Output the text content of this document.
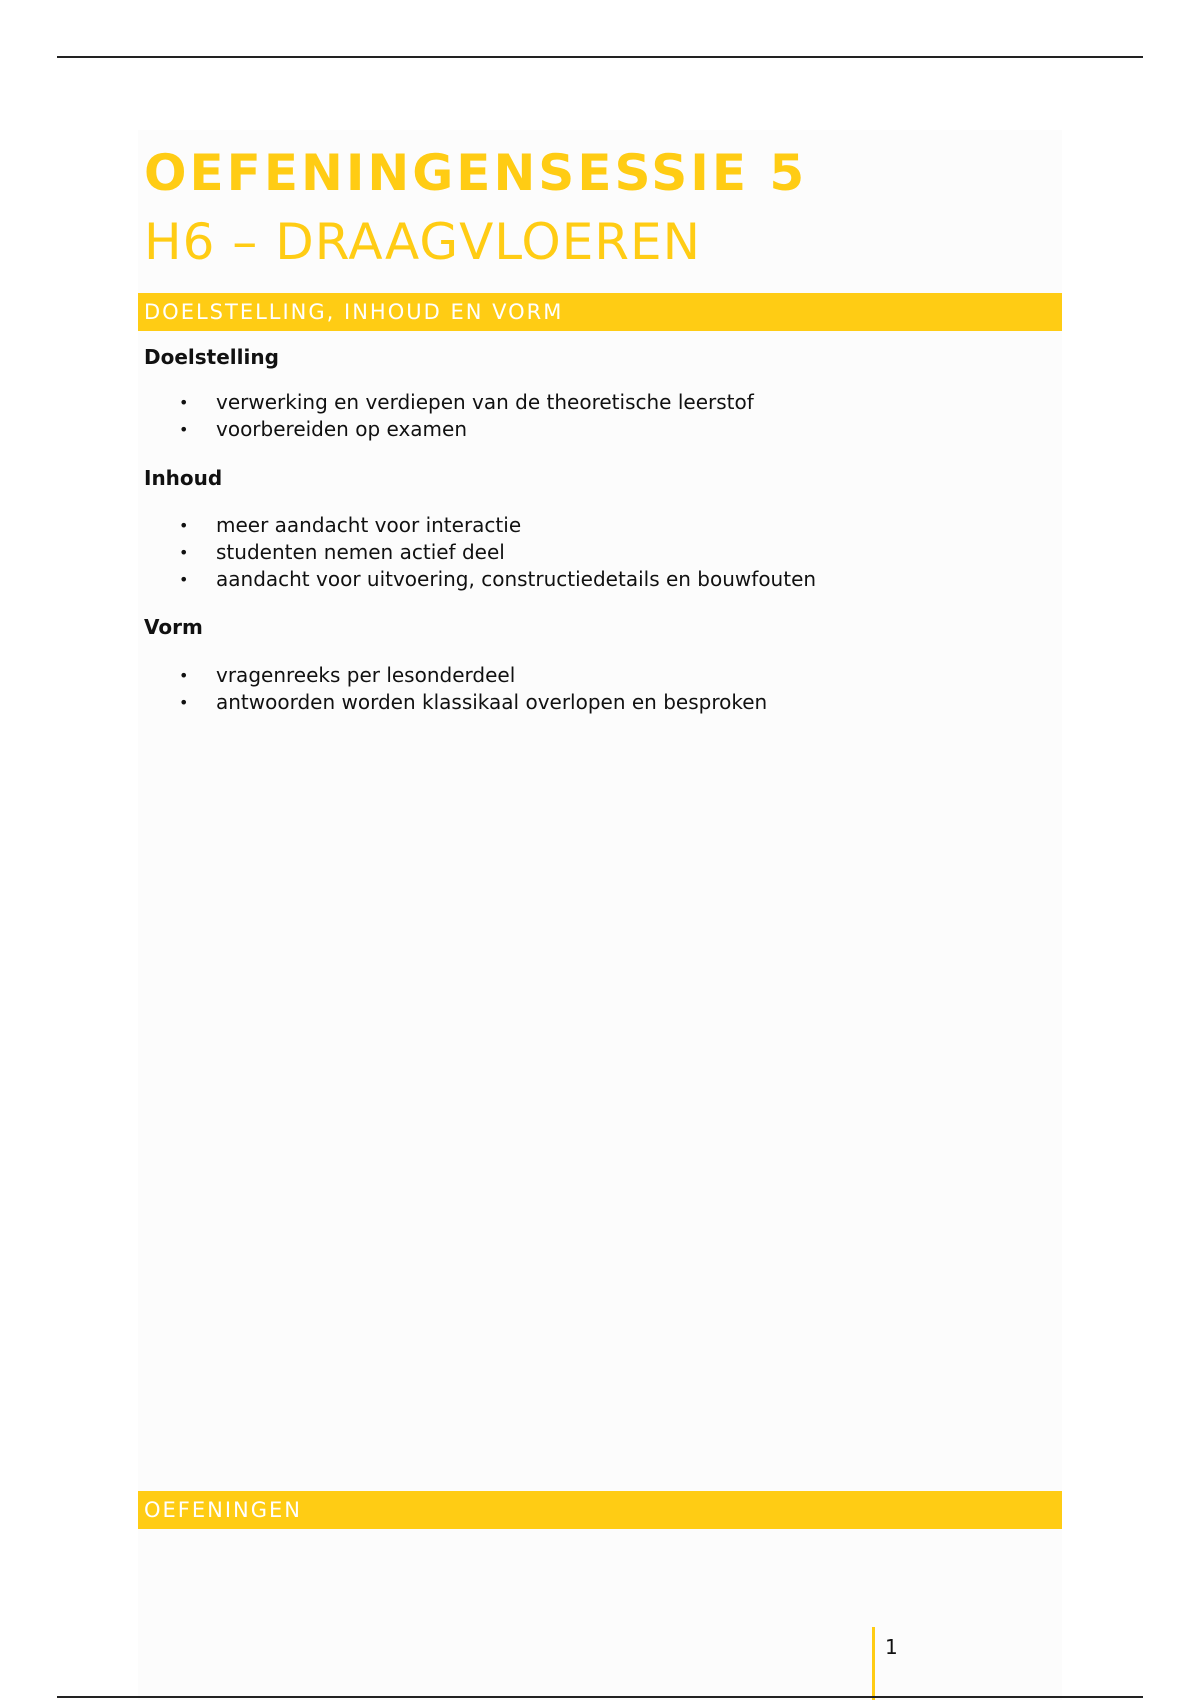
OEFENINGENSESSIE 5
H6 – DRAAGVLOEREN
DOELSTELLING, INHOUD EN VORM
Doelstelling
• verwerking en verdiepen van de theoretische leerstof
• voorbereiden op examen
Inhoud
• meer aandacht voor interactie
• studenten nemen actief deel
• aandacht voor uitvoering, constructiedetails en bouwfouten
Vorm
• vragenreeks per lesonderdeel
• antwoorden worden klassikaal overlopen en besproken
OEFENINGEN
1
